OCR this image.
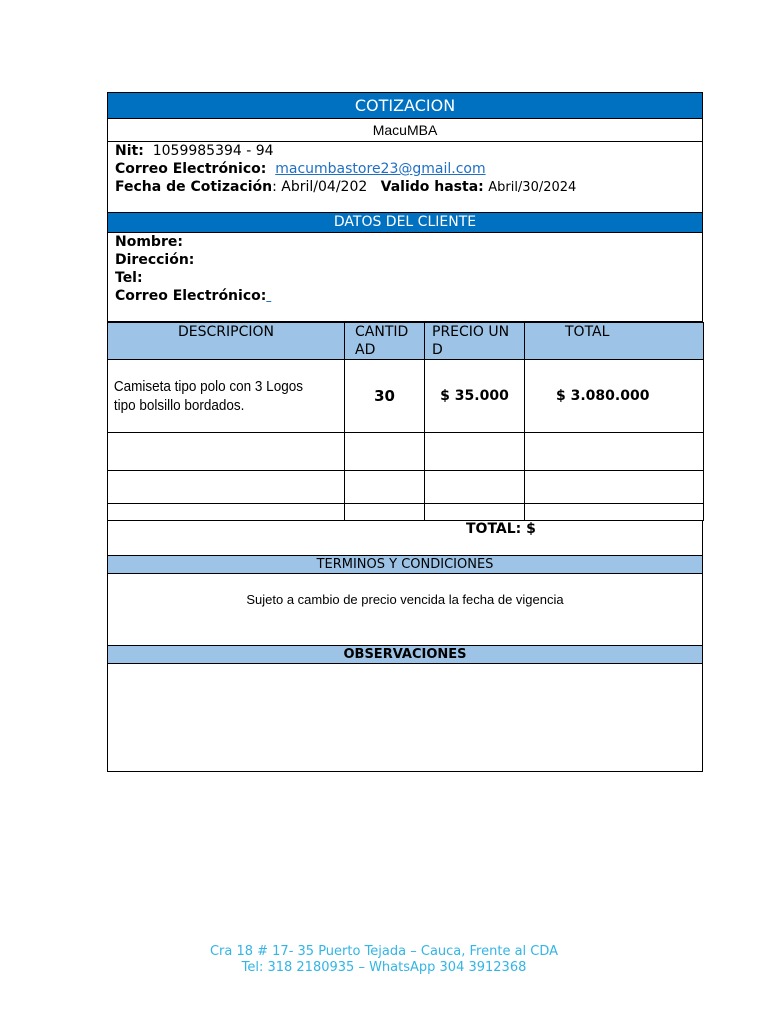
COTIZACION
MacuMBA
Nit: 1059985394 - 94
Correo Electrónico: macumbastore23@gmail.com
Fecha de Cotización: Abril/04/202 Valido hasta: Abril/30/2024
DATOS DEL CLIENTE
Nombre:
Dirección:
Tel:
Correo Electrónico:
DESCRIPCION	CANTIDAD	PRECIO UND	TOTAL
Camiseta tipo polo con 3 Logos tipo bolsillo bordados.	30	$ 35.000	$ 3.080.000

TOTAL: $
TERMINOS Y CONDICIONES
Sujeto a cambio de precio vencida la fecha de vigencia
OBSERVACIONES
Cra 18 # 17- 35 Puerto Tejada – Cauca, Frente al CDA
Tel: 318 2180935 – WhatsApp 304 3912368
